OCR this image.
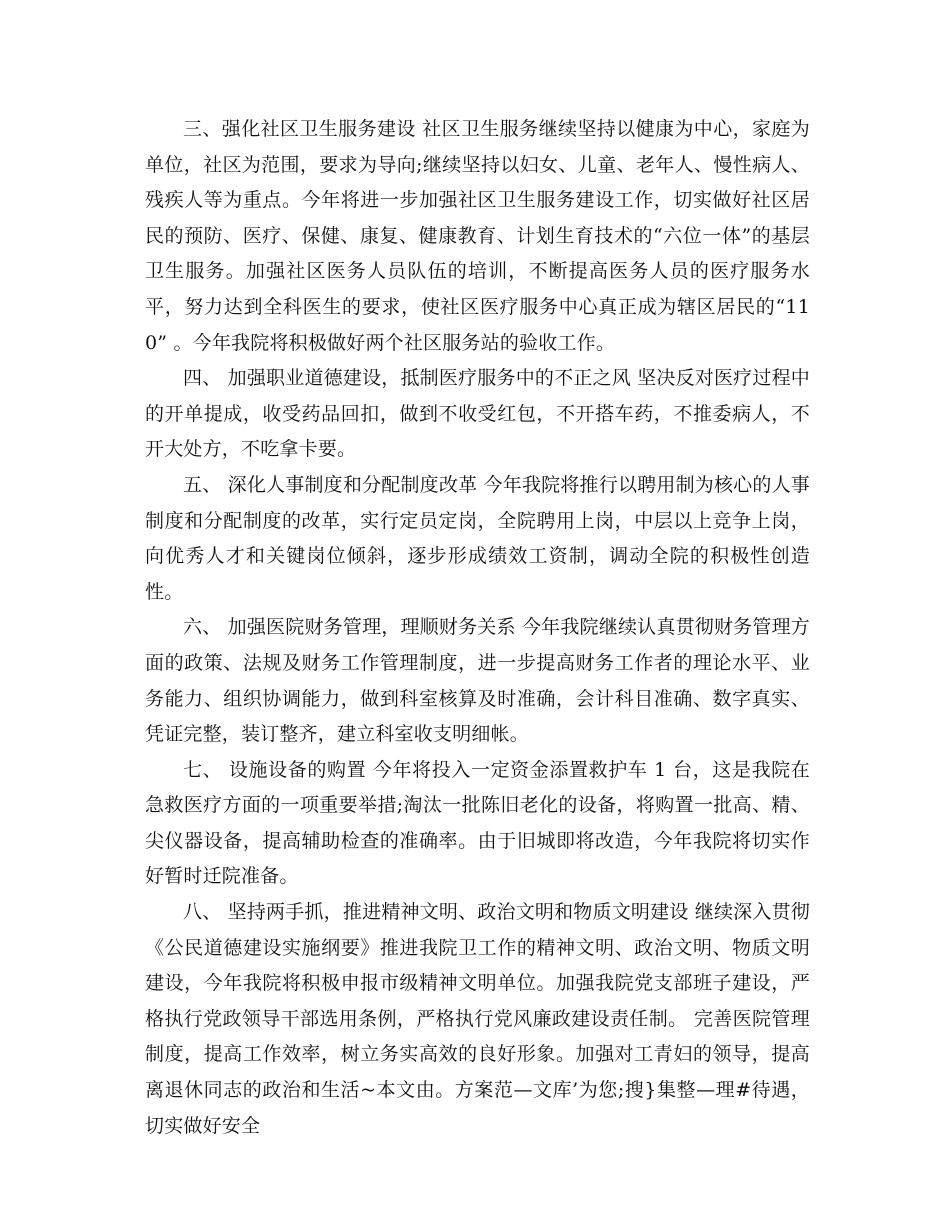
三、强化社区卫生服务建设 社区卫生服务继续坚持以健康为中心，家庭为单位，社区为范围，要求为导向;继续坚持以妇女、儿童、老年人、慢性病人、残疾人等为重点。今年将进一步加强社区卫生服务建设工作，切实做好社区居民的预防、医疗、保健、康复、健康教育、计划生育技术的“六位一体”的基层卫生服务。加强社区医务人员队伍的培训，不断提高医务人员的医疗服务水平，努力达到全科医生的要求，使社区医疗服务中心真正成为辖区居民的“110” 。今年我院将积极做好两个社区服务站的验收工作。

四、 加强职业道德建设，抵制医疗服务中的不正之风 坚决反对医疗过程中的开单提成，收受药品回扣，做到不收受红包，不开搭车药，不推委病人，不开大处方，不吃拿卡要。

五、 深化人事制度和分配制度改革 今年我院将推行以聘用制为核心的人事制度和分配制度的改革，实行定员定岗，全院聘用上岗，中层以上竞争上岗，向优秀人才和关键岗位倾斜，逐步形成绩效工资制，调动全院的积极性创造性。

六、 加强医院财务管理，理顺财务关系 今年我院继续认真贯彻财务管理方面的政策、法规及财务工作管理制度，进一步提高财务工作者的理论水平、业务能力、组织协调能力，做到科室核算及时准确，会计科目准确、数字真实、凭证完整，装订整齐，建立科室收支明细帐。

七、 设施设备的购置 今年将投入一定资金添置救护车 1 台，这是我院在急救医疗方面的一项重要举措;淘汰一批陈旧老化的设备，将购置一批高、精、尖仪器设备，提高辅助检查的准确率。由于旧城即将改造，今年我院将切实作好暂时迁院准备。

八、 坚持两手抓，推进精神文明、政治文明和物质文明建设 继续深入贯彻《公民道德建设实施纲要》推进我院卫工作的精神文明、政治文明、物质文明建设，今年我院将积极申报市级精神文明单位。加强我院党支部班子建设，严格执行党政领导干部选用条例，严格执行党风廉政建设责任制。 完善医院管理制度，提高工作效率，树立务实高效的良好形象。加强对工青妇的领导，提高离退休同志的政治和生活~本文由。方案范—文库’为您;搜}集整—理#待遇，切实做好安全
